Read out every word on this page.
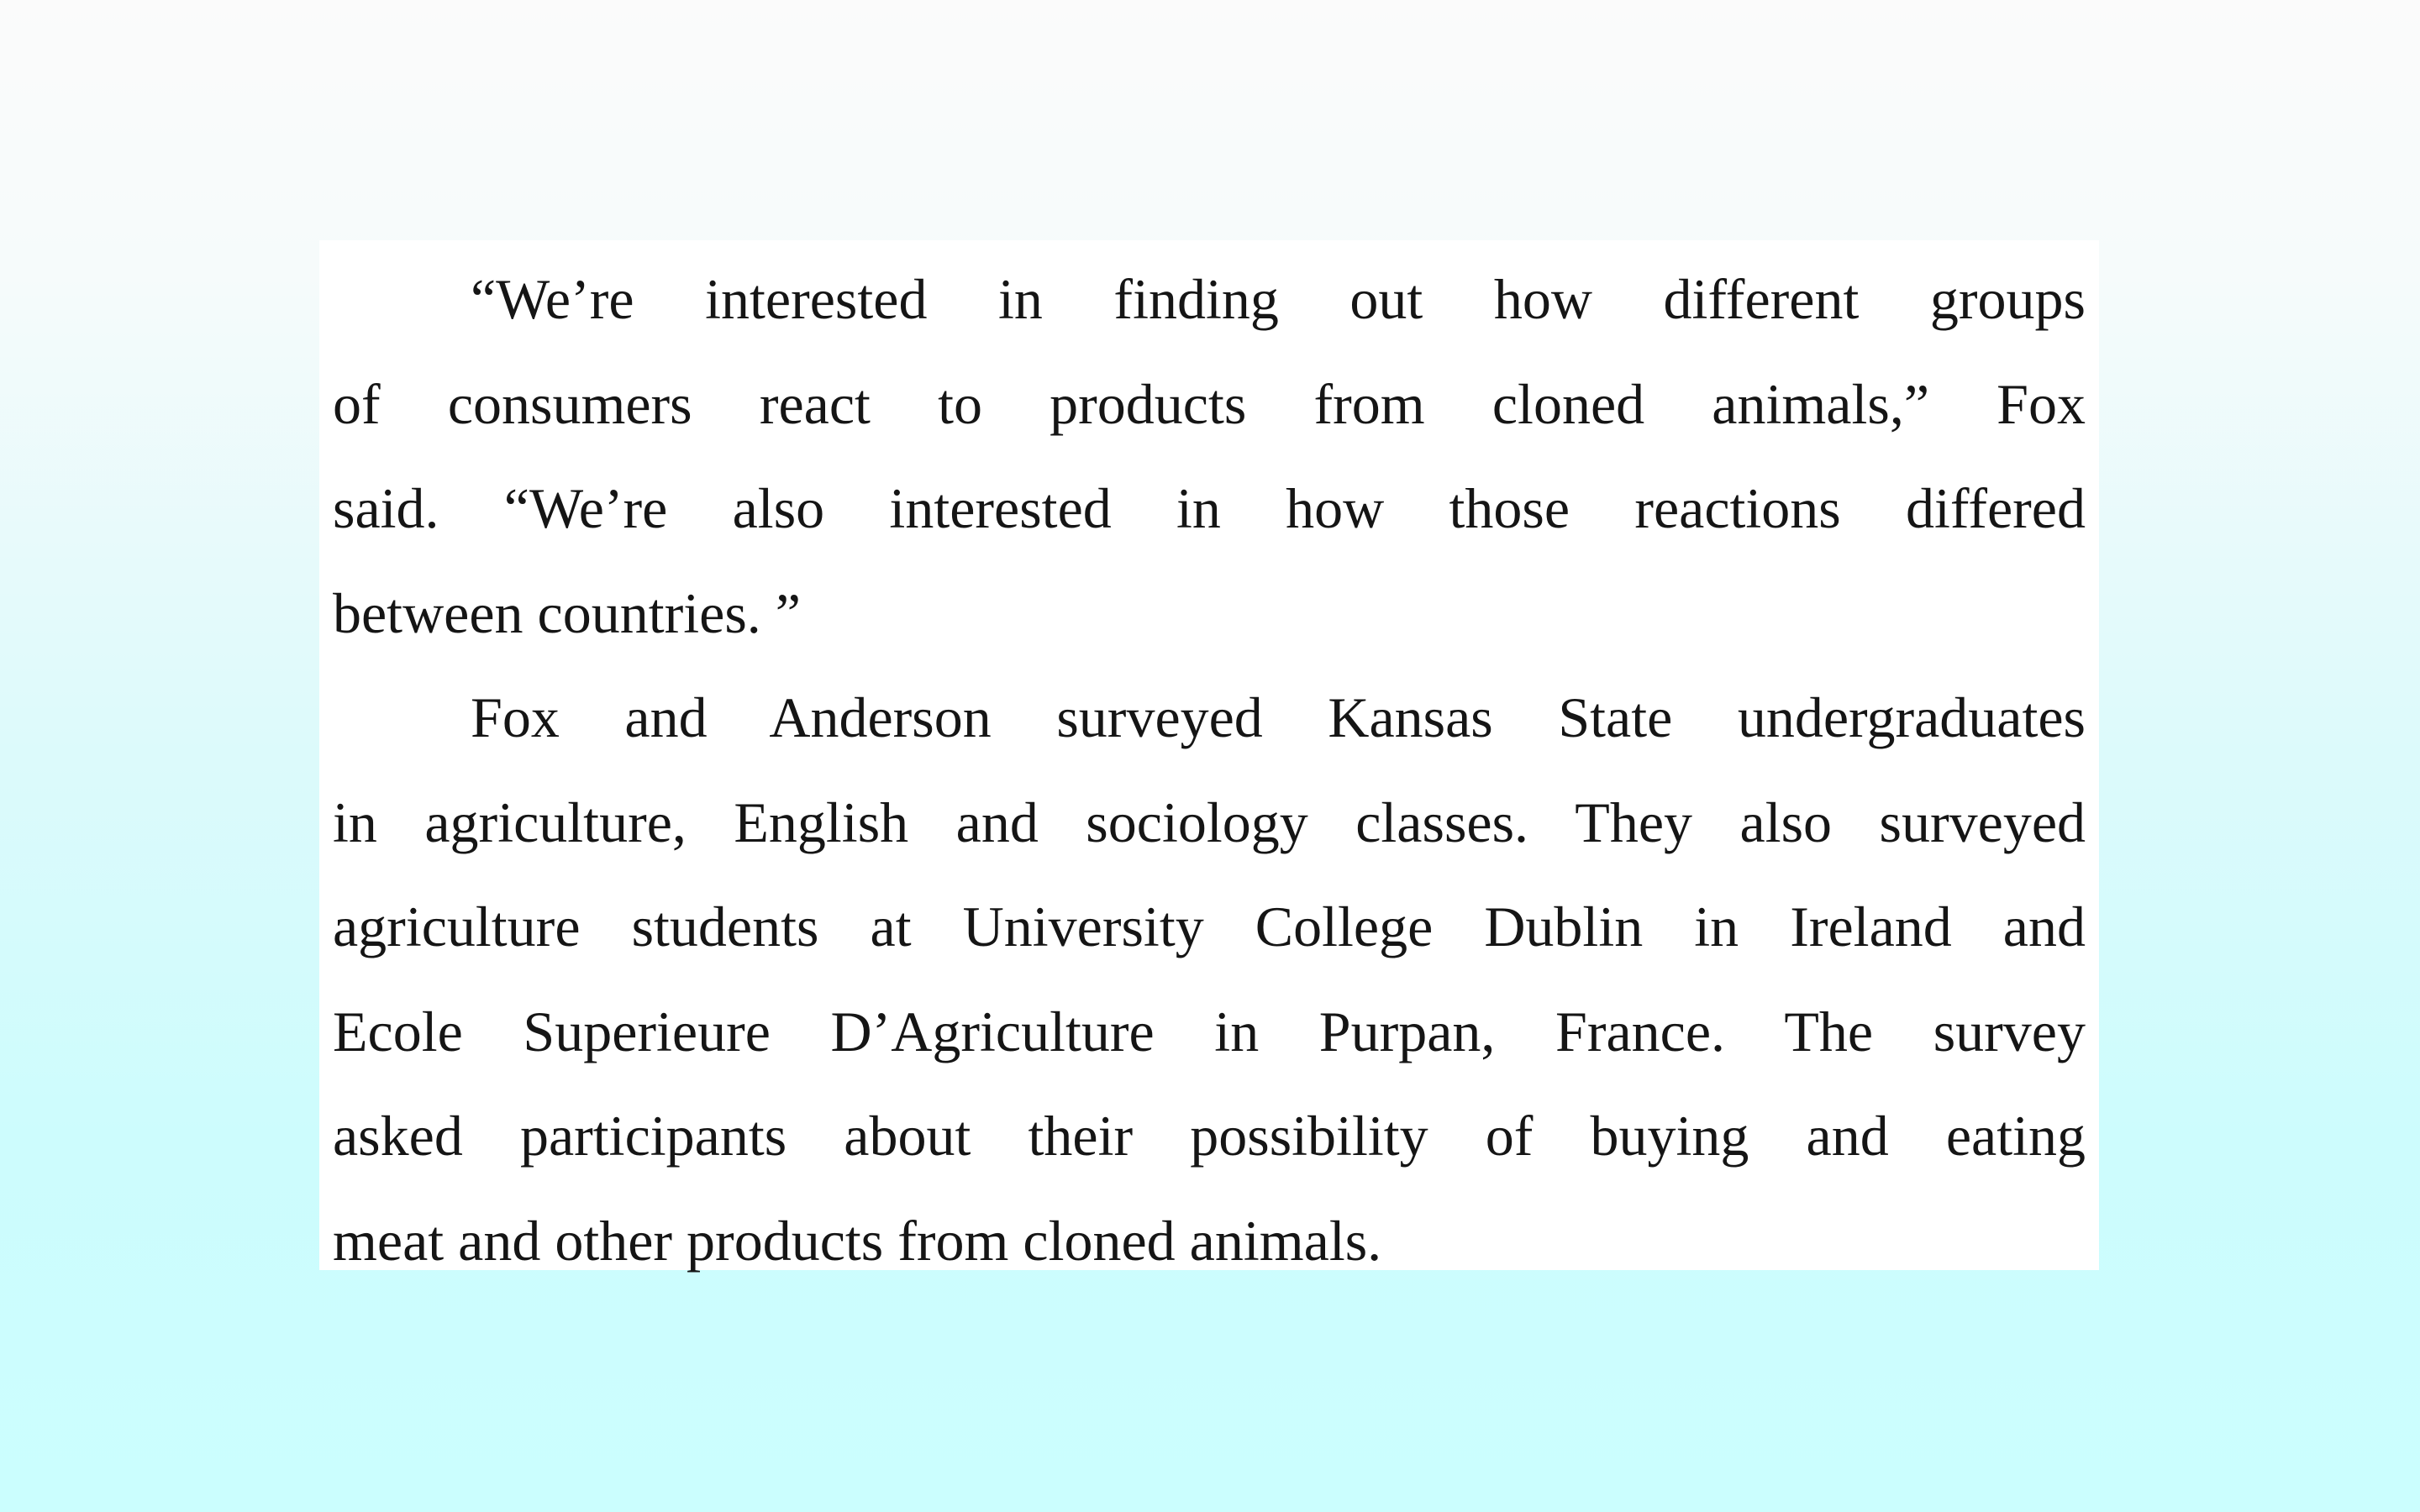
“We’re interested in finding out how different groups
of consumers react to products from cloned animals,” Fox
said. “We’re also interested in how those reactions differed
between countries. ”
Fox and Anderson surveyed Kansas State undergraduates
in agriculture, English and sociology classes. They also surveyed
agriculture students at University College Dublin in Ireland and
Ecole Superieure D’Agriculture in Purpan, France. The survey
asked participants about their possibility of buying and eating
meat and other products from cloned animals.
